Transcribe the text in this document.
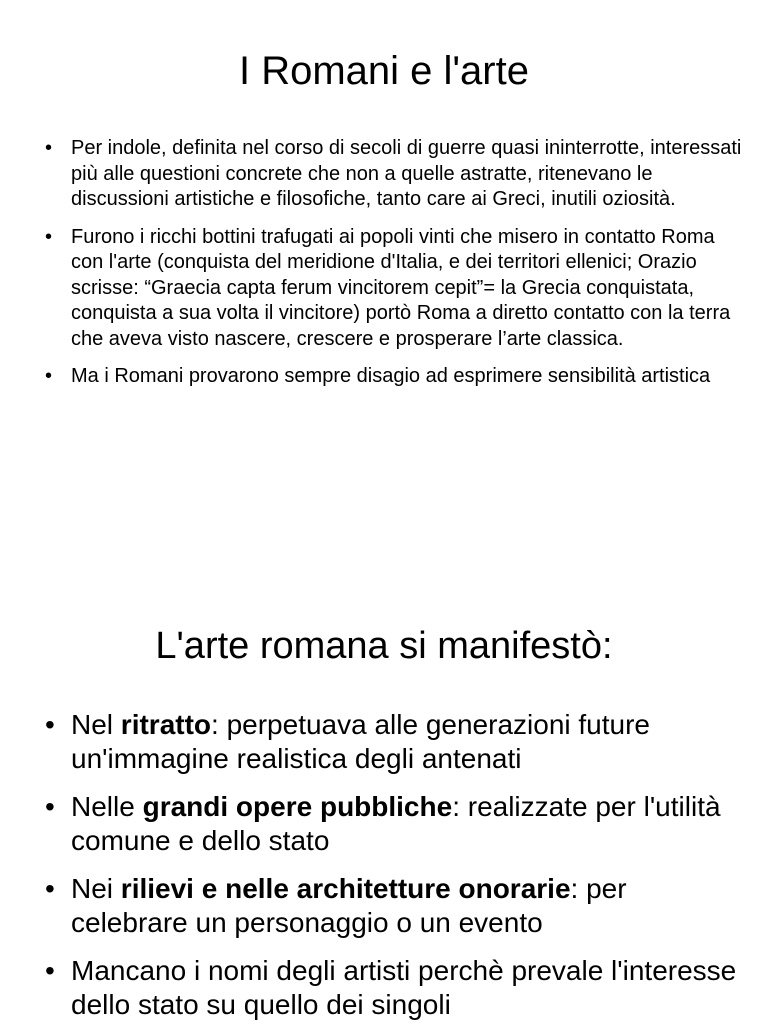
I Romani e l'arte
• Per indole, definita nel corso di secoli di guerre quasi ininterrotte, interessati più alle questioni concrete che non a quelle astratte, ritenevano le discussioni artistiche e filosofiche, tanto care ai Greci, inutili oziosità.
• Furono i ricchi bottini trafugati ai popoli vinti che misero in contatto Roma con l'arte (conquista del meridione d'Italia, e dei territori ellenici; Orazio scrisse: “Graecia capta ferum vincitorem cepit”= la Grecia conquistata, conquista a sua volta il vincitore) portò Roma a diretto contatto con la terra che aveva visto nascere, crescere e prosperare l’arte classica.
• Ma i Romani provarono sempre disagio ad esprimere sensibilità artistica
L'arte romana si manifestò:
• Nel ritratto: perpetuava alle generazioni future un'immagine realistica degli antenati
• Nelle grandi opere pubbliche: realizzate per l'utilità comune e dello stato
• Nei rilievi e nelle architetture onorarie: per celebrare un personaggio o un evento
• Mancano i nomi degli artisti perchè prevale l'interesse dello stato su quello dei singoli
